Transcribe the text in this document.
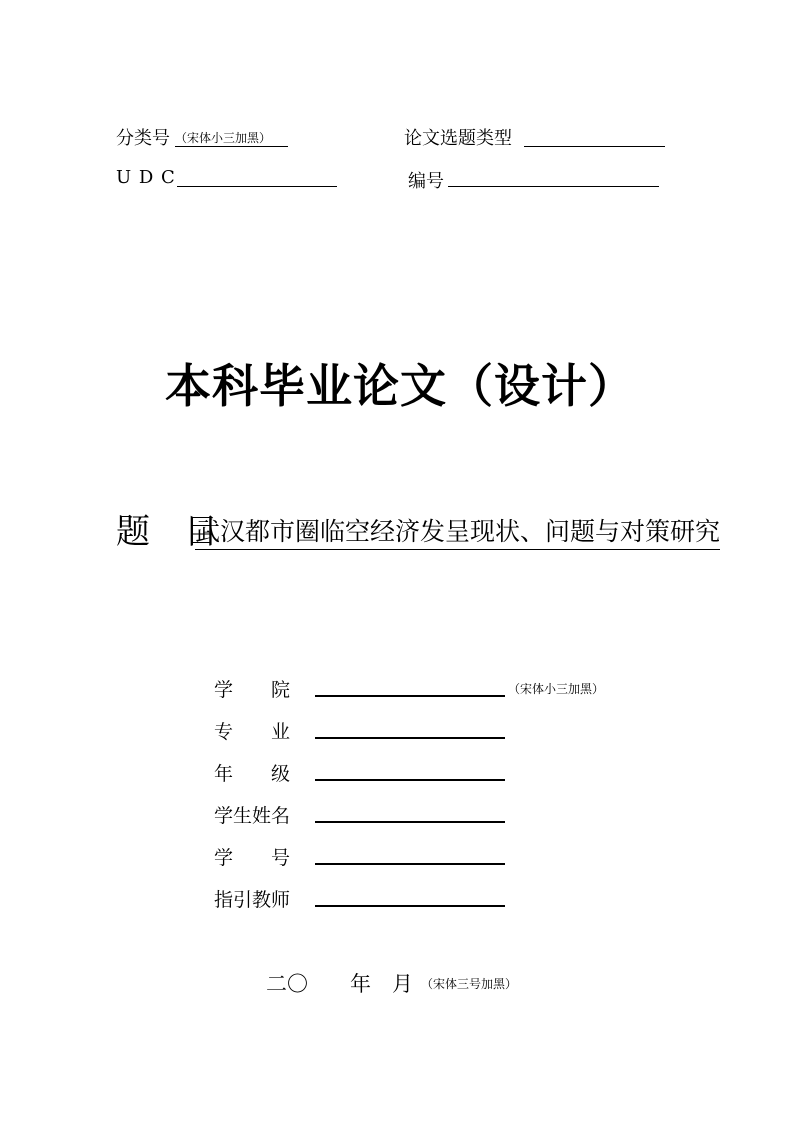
分类号 （宋体小三加黑）	论文选题类型
U D C	编号
本科毕业论文（设计）
题　目
武汉都市圈临空经济发呈现状、问题与对策研究
学　　院	（宋体小三加黑）
专　　业
年　　级
学生姓名
学　　号
指引教师
二〇　　年　月 （宋体三号加黑）
